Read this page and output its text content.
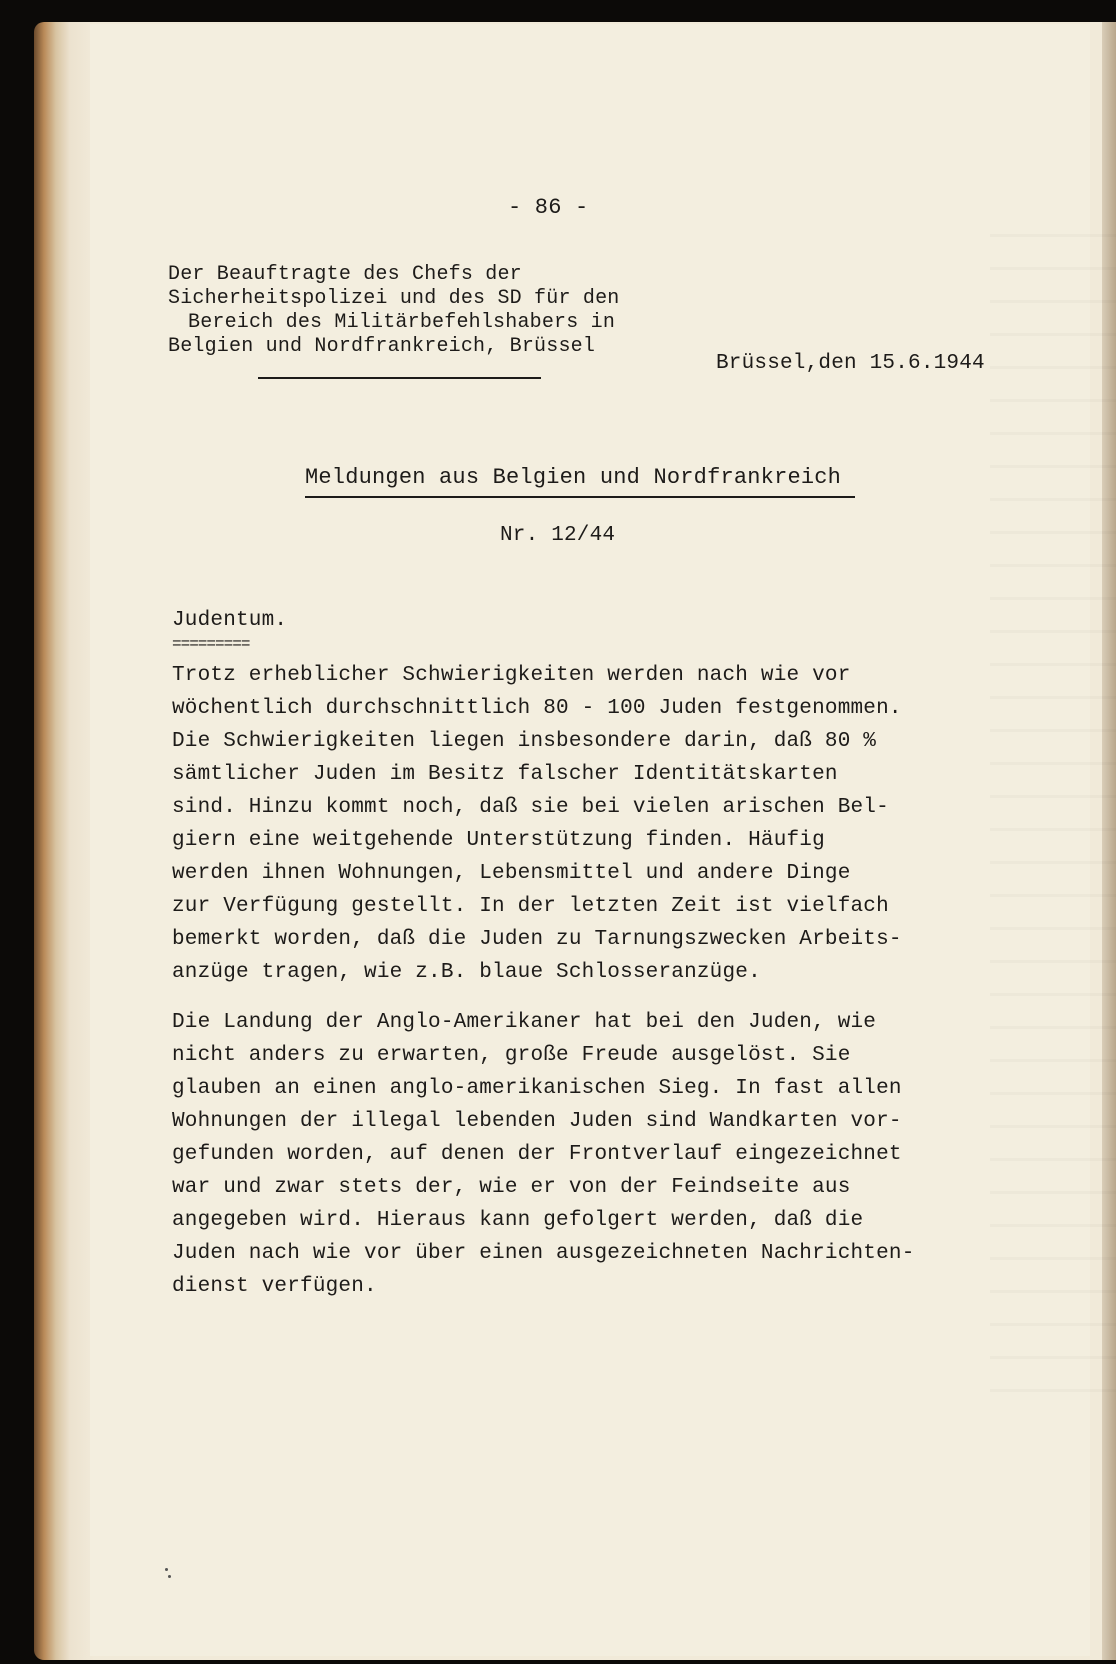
- 86 -
Der Beauftragte des Chefs der
Sicherheitspolizei und des SD für den
Bereich des Militärbefehlshabers in
Belgien und Nordfrankreich, Brüssel
Brüssel,den 15.6.1944
Meldungen aus Belgien und Nordfrankreich
Nr. 12/44
Judentum.
=========
Trotz erheblicher Schwierigkeiten werden nach wie vor
wöchentlich durchschnittlich 80 - 100 Juden festgenommen.
Die Schwierigkeiten liegen insbesondere darin, daß 80 %
sämtlicher Juden im Besitz falscher Identitätskarten
sind. Hinzu kommt noch, daß sie bei vielen arischen Bel-
giern eine weitgehende Unterstützung finden. Häufig
werden ihnen Wohnungen, Lebensmittel und andere Dinge
zur Verfügung gestellt. In der letzten Zeit ist vielfach
bemerkt worden, daß die Juden zu Tarnungszwecken Arbeits-
anzüge tragen, wie z.B. blaue Schlosseranzüge.
Die Landung der Anglo-Amerikaner hat bei den Juden, wie
nicht anders zu erwarten, große Freude ausgelöst. Sie
glauben an einen anglo-amerikanischen Sieg. In fast allen
Wohnungen der illegal lebenden Juden sind Wandkarten vor-
gefunden worden, auf denen der Frontverlauf eingezeichnet
war und zwar stets der, wie er von der Feindseite aus
angegeben wird. Hieraus kann gefolgert werden, daß die
Juden nach wie vor über einen ausgezeichneten Nachrichten-
dienst verfügen.
